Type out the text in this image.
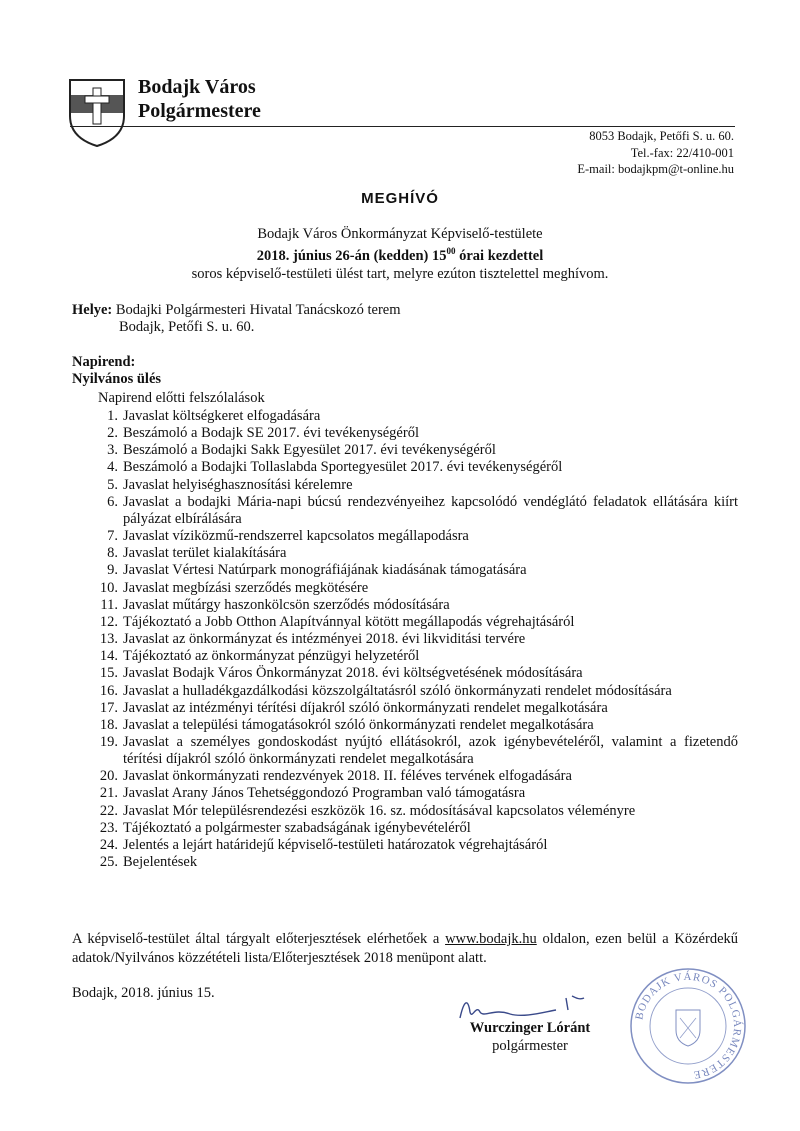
Bodajk Város
Polgármestere
8053 Bodajk, Petőfi S. u. 60.
Tel.-fax: 22/410-001
E-mail: bodajkpm@t-online.hu
MEGHÍVÓ
Bodajk Város Önkormányzat Képviselő-testülete
2018. június 26-án (kedden) $15^{00}$ órai kezdettel
soros képviselő-testületi ülést tart, melyre ezúton tisztelettel meghívom.
Helye: Bodajki Polgármesteri Hivatal Tanácskozó terem
Bodajk, Petőfi S. u. 60.
Napirend:
Nyilvános ülés
Napirend előtti felszólalások
1. Javaslat költségkeret elfogadására
2. Beszámoló a Bodajk SE 2017. évi tevékenységéről
3. Beszámoló a Bodajki Sakk Egyesület 2017. évi tevékenységéről
4. Beszámoló a Bodajki Tollaslabda Sportegyesület 2017. évi tevékenységéről
5. Javaslat helyiséghasznosítási kérelemre
6. Javaslat a bodajki Mária-napi búcsú rendezvényeihez kapcsolódó vendéglátó feladatok ellátására kiírt pályázat elbírálására
7. Javaslat víziközmű-rendszerrel kapcsolatos megállapodásra
8. Javaslat terület kialakítására
9. Javaslat Vértesi Natúrpark monográfiájának kiadásának támogatására
10. Javaslat megbízási szerződés megkötésére
11. Javaslat műtárgy haszonkölcsön szerződés módosítására
12. Tájékoztató a Jobb Otthon Alapítvánnyal kötött megállapodás végrehajtásáról
13. Javaslat az önkormányzat és intézményei 2018. évi likviditási tervére
14. Tájékoztató az önkormányzat pénzügyi helyzetéről
15. Javaslat Bodajk Város Önkormányzat 2018. évi költségvetésének módosítására
16. Javaslat a hulladékgazdálkodási közszolgáltatásról szóló önkormányzati rendelet módosítására
17. Javaslat az intézményi térítési díjakról szóló önkormányzati rendelet megalkotására
18. Javaslat a települési támogatásokról szóló önkormányzati rendelet megalkotására
19. Javaslat a személyes gondoskodást nyújtó ellátásokról, azok igénybevételéről, valamint a fizetendő térítési díjakról szóló önkormányzati rendelet megalkotására
20. Javaslat önkormányzati rendezvények 2018. II. féléves tervének elfogadására
21. Javaslat Arany János Tehetséggondozó Programban való támogatásra
22. Javaslat Mór településrendezési eszközök 16. sz. módosításával kapcsolatos véleményre
23. Tájékoztató a polgármester szabadságának igénybevételéről
24. Jelentés a lejárt határidejű képviselő-testületi határozatok végrehajtásáról
25. Bejelentések
A képviselő-testület által tárgyalt előterjesztések elérhetőek a www.bodajk.hu oldalon, ezen belül a Közérdekű adatok/Nyilvános közzétételi lista/Előterjesztések 2018 menüpont alatt.
Bodajk, 2018. június 15.
Wurczinger Lóránt
polgármester
BODAJK VÁROS POLGÁRMESTERE
